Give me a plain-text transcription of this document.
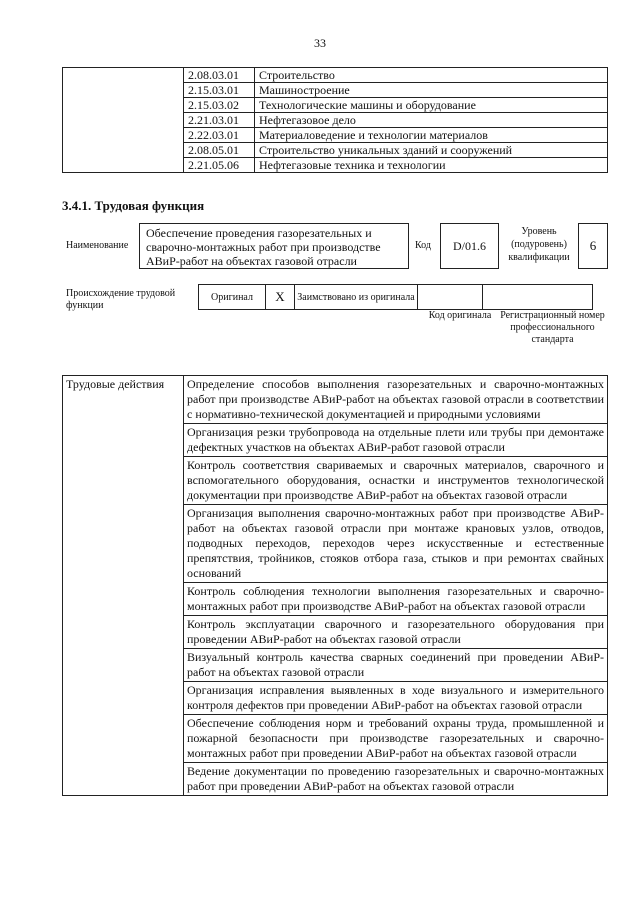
33
	2.08.03.01	Строительство
	2.15.03.01	Машиностроение
	2.15.03.02	Технологические машины и оборудование
	2.21.03.01	Нефтегазовое дело
	2.22.03.01	Материаловедение и технологии материалов
	2.08.05.01	Строительство уникальных зданий и сооружений
	2.21.05.06	Нефтегазовые техника и технологии
3.4.1. Трудовая функция
Наименование
Обеспечение проведения газорезательных и сварочно-монтажных работ при производстве АВиР-работ на объектах газовой отрасли
Код	D/01.6
Уровень (подуровень) квалификации
6
Происхождение трудовой функции
Оригинал	X	Заимствовано из оригинала		
Код оригинала Регистрационный номер профессионального стандарта
Трудовые действия	Определение способов выполнения газорезательных и сварочно-монтажных работ при производстве АВиР-работ на объектах газовой отрасли в соответствии с нормативно-технической документацией и природными условиями
Организация резки трубопровода на отдельные плети или трубы при демонтаже дефектных участков на объектах АВиР-работ газовой отрасли
Контроль соответствия свариваемых и сварочных материалов, сварочного и вспомогательного оборудования, оснастки и инструментов технологической документации при производстве АВиР-работ на объектах газовой отрасли
Организация выполнения сварочно-монтажных работ при производстве АВиР-работ на объектах газовой отрасли при монтаже крановых узлов, отводов, подводных переходов, переходов через искусственные и естественные препятствия, тройников, стояков отбора газа, стыков и при ремонтах свайных оснований
Контроль соблюдения технологии выполнения газорезательных и сварочно-монтажных работ при производстве АВиР-работ на объектах газовой отрасли
Контроль эксплуатации сварочного и газорезательного оборудования при проведении АВиР-работ на объектах газовой отрасли
Визуальный контроль качества сварных соединений при проведении АВиР-работ на объектах газовой отрасли
Организация исправления выявленных в ходе визуального и измерительного контроля дефектов при проведении АВиР-работ на объектах газовой отрасли
Обеспечение соблюдения норм и требований охраны труда, промышленной и пожарной безопасности при производстве газорезательных и сварочно-монтажных работ при проведении АВиР-работ на объектах газовой отрасли
Ведение документации по проведению газорезательных и сварочно-монтажных работ при проведении АВиР-работ на объектах газовой отрасли
